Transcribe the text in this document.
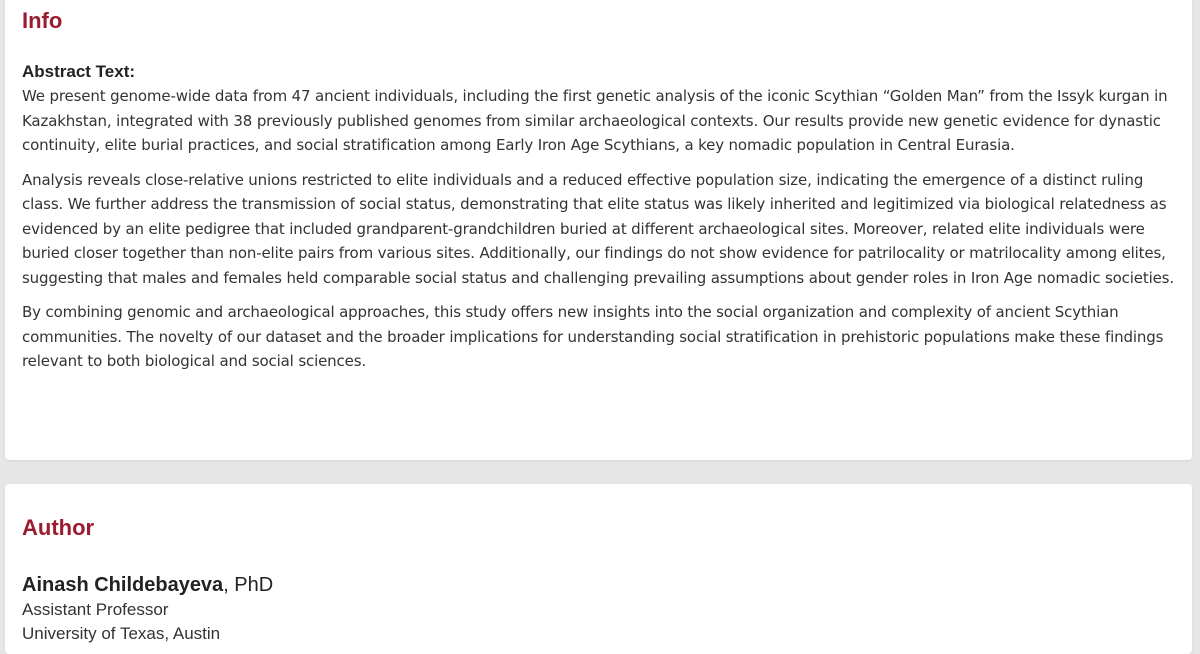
Info
Abstract Text:

We present genome-wide data from 47 ancient individuals, including the first genetic analysis of the iconic Scythian “Golden Man” from the Issyk kurgan in Kazakhstan, integrated with 38 previously published genomes from similar archaeological contexts. Our results provide new genetic evidence for dynastic continuity, elite burial practices, and social stratification among Early Iron Age Scythians, a key nomadic population in Central Eurasia.

Analysis reveals close-relative unions restricted to elite individuals and a reduced effective population size, indicating the emergence of a distinct ruling class. We further address the transmission of social status, demonstrating that elite status was likely inherited and legitimized via biological relatedness as evidenced by an elite pedigree that included grandparent-grandchildren buried at different archaeological sites. Moreover, related elite individuals were buried closer together than non-elite pairs from various sites. Additionally, our findings do not show evidence for patrilocality or matrilocality among elites, suggesting that males and females held comparable social status and challenging prevailing assumptions about gender roles in Iron Age nomadic societies.

By combining genomic and archaeological approaches, this study offers new insights into the social organization and complexity of ancient Scythian communities. The novelty of our dataset and the broader implications for understanding social stratification in prehistoric populations make these findings relevant to both biological and social sciences.

Author
Ainash Childebayeva, PhD
Assistant Professor
University of Texas, Austin
